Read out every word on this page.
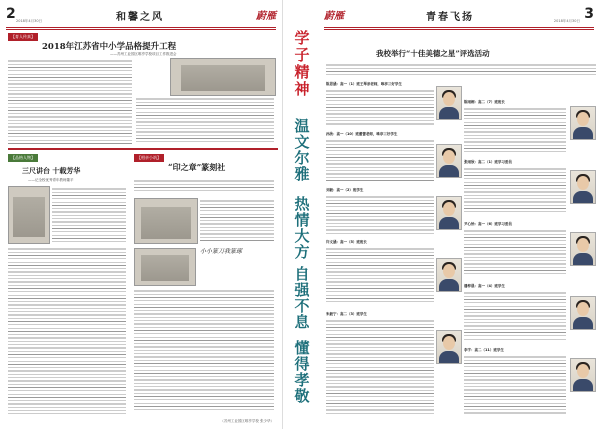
2 2018年4月30日	和馨之风	蔚雁
【育人传真】
2018年江苏省中小学品格提升工程
——苏州工业园区唯亭学校项目工作推进会
【品格人物】
三尺讲台 十载芳华
——记全校优秀青年教师董平
【相亲小筑】
“印之章”篆刻社
小小篆刀我篆琢
（苏州工业园区唯亭学校 张少华）
学子精神
温文尔雅
热情大方
自强不息
懂得孝敬
蔚雁	青春飞扬	2018年4月30日 3
我校举行“十佳美德之星”评选活动
陈思涵：高一（1）班王琴亲老师，唯亭三好学生
孙欣：高一（10）班董蕾老师，唯亭三好学生
刘毅：高一（2）班学生
许文涵：高一（5）班班长
朱毅宁：高二（3）班学生
陈雨桐：高二（7）班班长
张雨欣：高二（1）班学习委员
尹心怡：高一（6）班学习委员
潘梓晨：高一（4）班学生
李宇：高二（11）班学生
